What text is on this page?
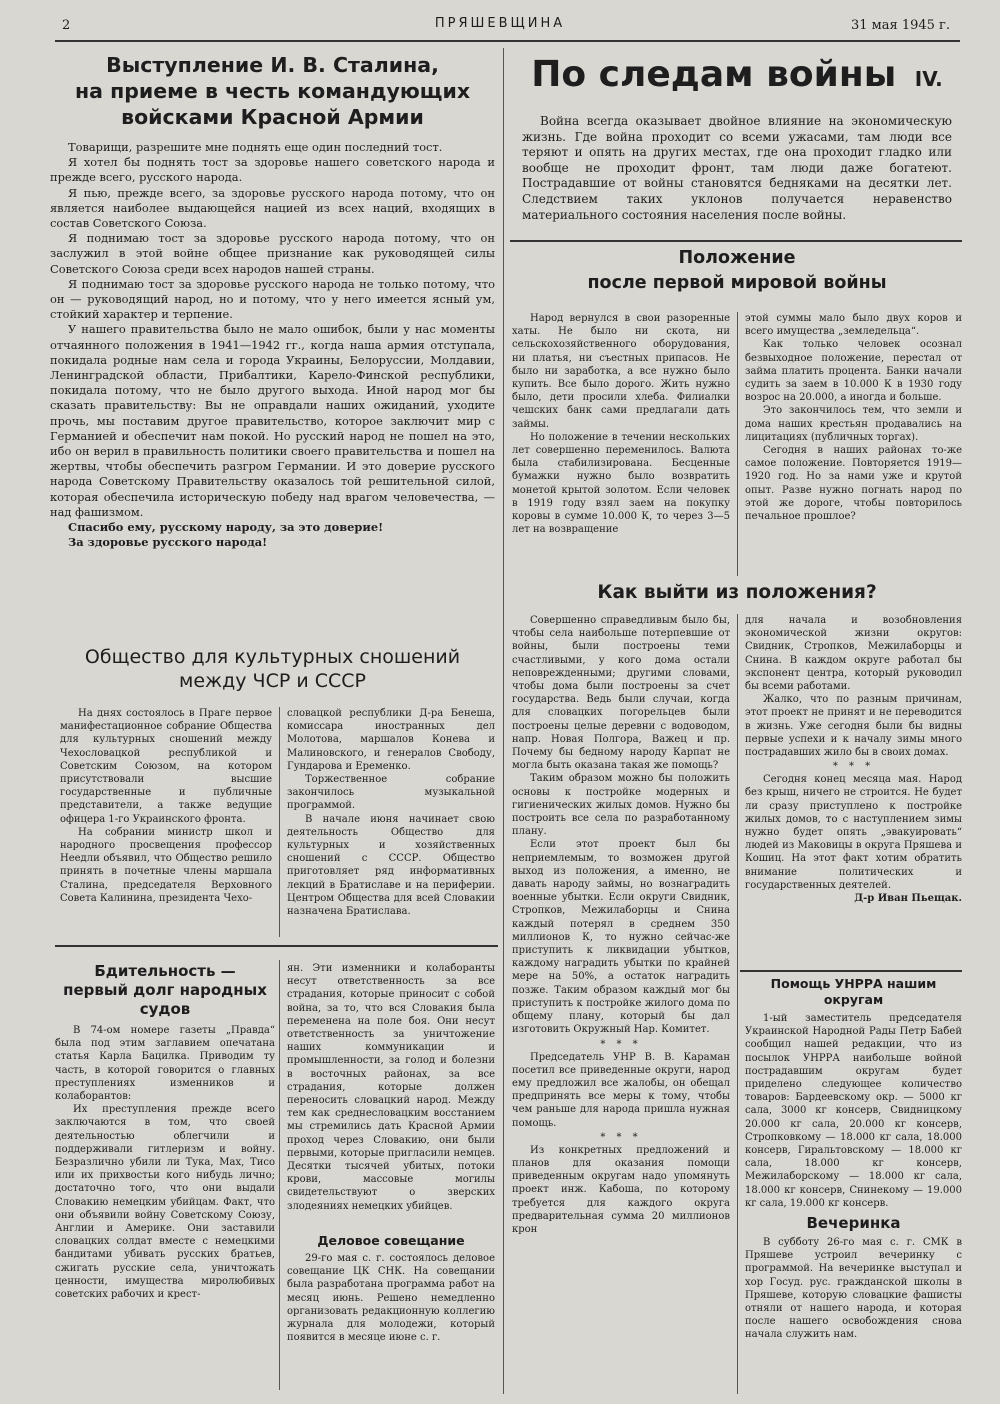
2	ПРЯШЕВЩИНА	31 мая 1945 г.
Выступление И. В. Сталина,
на приеме в честь командующих
войсками Красной Армии

Товарищи, разрешите мне поднять еще один последний тост.

Я хотел бы поднять тост за здоровье нашего советского народа и прежде всего, русского народа.

Я пью, прежде всего, за здоровье русского народа потому, что он является наиболее выдающейся нацией из всех наций, входящих в состав Советского Союза.

Я поднимаю тост за здоровье русского народа потому, что он заслужил в этой войне общее признание как руководящей силы Советского Союза среди всех народов нашей страны.

Я поднимаю тост за здоровье русского народа не только потому, что он — руководящий народ, но и потому, что у него имеется ясный ум, стойкий характер и терпение.

У нашего правительства было не мало ошибок, были у нас моменты отчаянного положения в 1941—1942 гг., когда наша армия отступала, покидала родные нам села и города Украины, Белоруссии, Молдавии, Ленинградской области, Прибалтики, Карело-Финской республики, покидала потому, что не было другого выхода. Иной народ мог бы сказать правительству: Вы не оправдали наших ожиданий, уходите прочь, мы поставим другое правительство, которое заключит мир с Германией и обеспечит нам покой. Но русский народ не пошел на это, ибо он верил в правильность политики своего правительства и пошел на жертвы, чтобы обеспечить разгром Германии. И это доверие русского народа Советскому Правительству оказалось той решительной силой, которая обеспечила историческую победу над врагом человечества, — над фашизмом.

Спасибо ему, русскому народу, за это доверие!

За здоровье русского народа!

Общество для культурных сношений
между ЧСР и СССР

На днях состоялось в Праге первое манифестационное собрание Общества для культурных сношений между Чехословацкой республикой и Советским Союзом, на котором присутствовали высшие государственные и публичные представители, а также ведущие офицера 1-го Украинского фронта.

На собрании министр школ и народного просвещения профессор Неедли объявил, что Общество решило принять в почетные члены маршала Сталина, председателя Верховного Совета Калинина, президента Чехо-

словацкой республики Д-ра Бенеша, комиссара иностранных дел Молотова, маршалов Конева и Малиновского, и генералов Свободу, Гундарова и Еременко.

Торжественное собрание закончилось музыкальной программой.

В начале июня начинает свою деятельность Общество для культурных и хозяйственных сношений с СССР. Общество приготовляет ряд информативных лекций в Братиславе и на периферии. Центром Общества для всей Словакии назначена Братислава.

Бдительность —
первый долг народных
судов

В 74-ом номере газеты „Правда“ была под этим заглавием опечатана статья Карла Бацилка. Приводим ту часть, в которой говорится о главных преступлениях изменников и колаборантов:

Их преступления прежде всего заключаются в том, что своей деятельностью облегчили и поддерживали гитлеризм и войну. Безразлично убили ли Тука, Мах, Тисо или их прихвостьи кого нибудь лично; достаточно того, что они выдали Словакию немецким убийцам. Факт, что они объявили войну Советскому Союзу, Англии и Америке. Они заставили словацких солдат вместе с немецкими бандитами убивать русских братьев, сжигать русские села, уничтожать ценности, имущества миролюбивых советских рабочих и крест-

ян. Эти изменники и колаборанты несут ответственность за все страдания, которые приносит с собой война, за то, что вся Словакия была переменена на поле боя. Они несут ответственность за уничтожение наших коммуникации и промышленности, за голод и болезни в восточных районах, за все страдания, которые должен переносить словацкий народ. Между тем как среднесловацким восстанием мы стремились дать Красной Армии проход через Словакию, они были первыми, которые пригласили немцев. Десятки тысячей убитых, потоки крови, массовые могилы свидетельствуют о зверских злодеяниях немецких убийцев.

Деловое совещание

29-го мая с. г. состоялось деловое совещание ЦК СНК. На совещании была разработана программа работ на месяц июнь. Решено немедленно организовать редакционную коллегию журнала для молодежи, который появится в месяце июне с. г.

По следам войны IV.

Война всегда оказывает двойное влияние на экономическую жизнь. Где война проходит со всеми ужасами, там люди все теряют и опять на других местах, где она проходит гладко или вообще не проходит фронт, там люди даже богатеют. Пострадавшие от войны становятся бедняками на десятки лет. Следствием таких уклонов получается неравенство материального состояния населения после войны.

Положение
после первой мировой войны

Народ вернулся в свои разоренные хаты. Не было ни скота, ни сельскохозяйственного оборудования, ни платья, ни съестных припасов. Не было ни заработка, а все нужно было купить. Все было дорого. Жить нужно было, дети просили хлеба. Филиалки чешских банк сами предлагали дать займы.

Но положение в течении нескольких лет совершенно переменилось. Валюта была стабилизирована. Бесценные бумажки нужно было возвратить монетой крытой золотом. Если человек в 1919 году взял заем на покупку коровы в сумме 10.000 К, то через 3—5 лет на возвращение

этой суммы мало было двух коров и всего имущества „земледельца“.

Как только человек осознал безвыходное положение, перестал от займа платить процента. Банки начали судить за заем в 10.000 К в 1930 году возрос на 20.000, а иногда и больше.

Это закончилось тем, что земли и дома наших крестьян продавались на лицитациях (публичных торгах).

Сегодня в наших районах то-же самое положение. Повторяется 1919—1920 год. Но за нами уже и крутой опыт. Разве нужно погнать народ по этой же дороге, чтобы повторилось печальное прошлое?

Как выйти из положения?

Совершенно справедливым было бы, чтобы села наибольше потерпевшие от войны, были построены теми счастливыми, у кого дома остали неповрежденными; другими словами, чтобы дома были построены за счет государства. Ведь были случаи, когда для словацких погорельцев были построены целые деревни с водоводом, напр. Новая Полгора, Важец и пр. Почему бы бедному народу Карпат не могла быть оказана такая же помощь?

Таким образом можно бы положить основы к постройке модерных и гигиенических жилых домов. Нужно бы построить все села по разработанному плану.

Если этот проект был бы неприемлемым, то возможен другой выход из положения, а именно, не давать народу займы, но вознаградить военные убытки. Если округи Свидник, Стропков, Межилаборцы и Снина каждый потерял в среднем 350 миллионов К, то нужно сейчас-же приступить к ликвидации убытков, каждому наградить убытки по крайней мере на 50%, а остаток наградить позже. Таким образом каждый мог бы приступить к постройке жилого дома по общему плану, который бы дал изготовить Окружный Нар. Комитет.

* * *

Председатель УНР В. В. Караман посетил все приведенные округи, народ ему предложил все жалобы, он обещал предпринять все меры к тому, чтобы чем раньше для народа пришла нужная помощь.

* * *

Из конкретных предложений и планов для оказания помощи приведенным округам надо упомянуть проект инж. Кабоша, по которому требуется для каждого округа предварительная сумма 20 миллионов крон

для начала и возобновления экономической жизни округов: Свидник, Стропков, Межилаборцы и Снина. В каждом округе работал бы экспонент центра, который руководил бы всеми работами.

Жалко, что по разным причинам, этот проект не принят и не переводится в жизнь. Уже сегодня были бы видны первые успехи и к началу зимы много пострадавших жило бы в своих домах.

* * *

Сегодня конец месяца мая. Народ без крыш, ничего не строится. Не будет ли сразу приступлено к постройке жилых домов, то с наступлением зимы нужно будет опять „эвакуировать“ людей из Маковицы в округа Пряшева и Кошиц. На этот факт хотим обратить внимание политических и государственных деятелей.

Д-р Иван Пьещак.

Помощь УНРРА нашим
округам

1-ый заместитель председателя Украинской Народной Рады Петр Бабей сообщил нашей редакции, что из посылок УНРРА наибольше войной пострадавшим округам будет приделено следующее количество товаров: Бардеевскому окр. — 5000 кг сала, 3000 кг консерв, Свидницкому 20.000 кг сала, 20.000 кг консерв, Стропковкому — 18.000 кг сала, 18.000 консерв, Гиральтовскому — 18.000 кг сала, 18.000 кг консерв, Межилаборскому — 18.000 кг сала, 18.000 кг консерв, Снинекому — 19.000 кг сала, 19.000 кг консерв.

Вечеринка

В субботу 26-го мая с. г. СМК в Пряшеве устроил вечеринку с программой. На вечеринке выступал и хор Госуд. рус. гражданской школы в Пряшеве, которую словацкие фашисты отняли от нашего народа, и которая после нашего освобождения снова начала служить нам.
